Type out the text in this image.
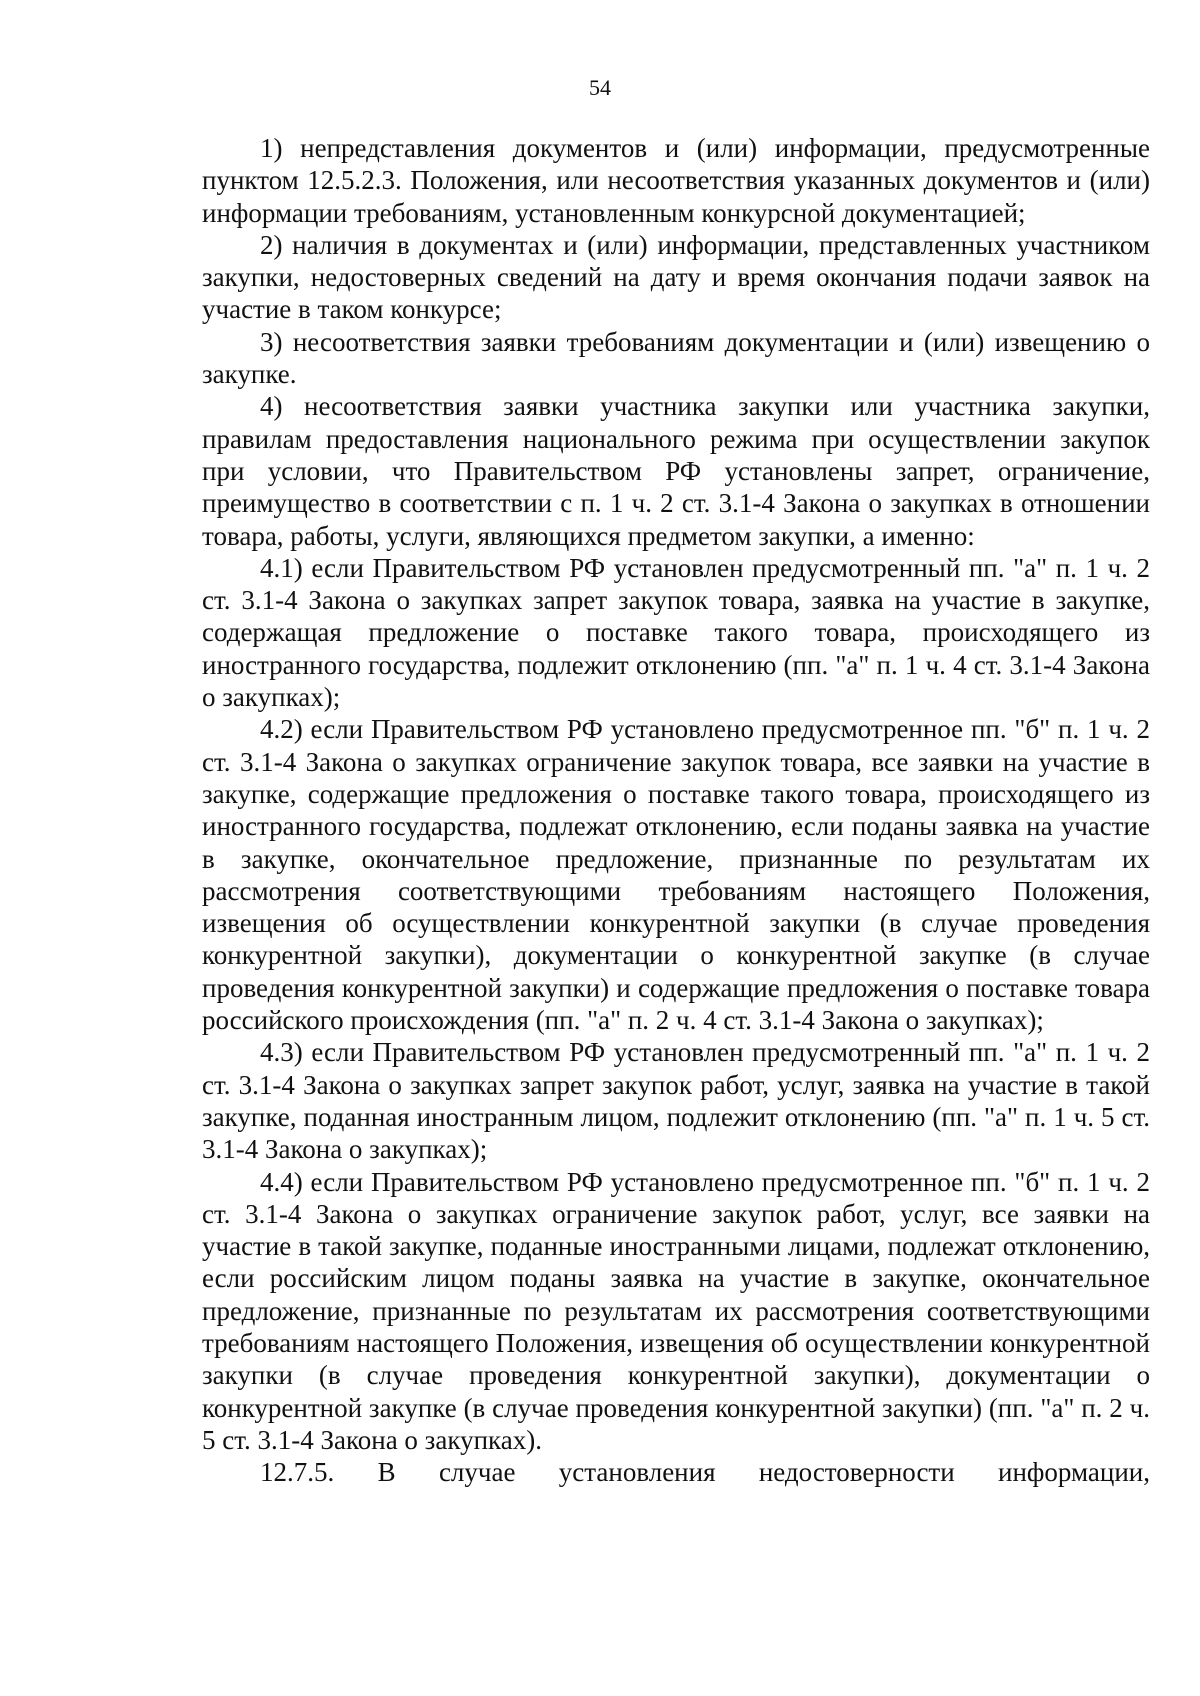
54

1) непредставления документов и (или) информации, предусмотренные пунктом 12.5.2.3. Положения, или несоответствия указанных документов и (или) информации требованиям, установленным конкурсной документацией;

2) наличия в документах и (или) информации, представленных участником закупки, недостоверных сведений на дату и время окончания подачи заявок на участие в таком конкурсе;

3) несоответствия заявки требованиям документации и (или) извещению о закупке.

4) несоответствия заявки участника закупки или участника закупки, правилам предоставления национального режима при осуществлении закупок при условии, что Правительством РФ установлены запрет, ограничение, преимущество в соответствии с п. 1 ч. 2 ст. 3.1-4 Закона о закупках в отношении товара, работы, услуги, являющихся предметом закупки, а именно:

4.1) если Правительством РФ установлен предусмотренный пп. "а" п. 1 ч. 2 ст. 3.1-4 Закона о закупках запрет закупок товара, заявка на участие в закупке, содержащая предложение о поставке такого товара, происходящего из иностранного государства, подлежит отклонению (пп. "а" п. 1 ч. 4 ст. 3.1-4 Закона о закупках);

4.2) если Правительством РФ установлено предусмотренное пп. "б" п. 1 ч. 2 ст. 3.1-4 Закона о закупках ограничение закупок товара, все заявки на участие в закупке, содержащие предложения о поставке такого товара, происходящего из иностранного государства, подлежат отклонению, если поданы заявка на участие в закупке, окончательное предложение, признанные по результатам их рассмотрения соответствующими требованиям настоящего Положения, извещения об осуществлении конкурентной закупки (в случае проведения конкурентной закупки), документации о конкурентной закупке (в случае проведения конкурентной закупки) и содержащие предложения о поставке товара российского происхождения (пп. "а" п. 2 ч. 4 ст. 3.1-4 Закона о закупках);

4.3) если Правительством РФ установлен предусмотренный пп. "а" п. 1 ч. 2 ст. 3.1-4 Закона о закупках запрет закупок работ, услуг, заявка на участие в такой закупке, поданная иностранным лицом, подлежит отклонению (пп. "а" п. 1 ч. 5 ст. 3.1-4 Закона о закупках);

4.4) если Правительством РФ установлено предусмотренное пп. "б" п. 1 ч. 2 ст. 3.1-4 Закона о закупках ограничение закупок работ, услуг, все заявки на участие в такой закупке, поданные иностранными лицами, подлежат отклонению, если российским лицом поданы заявка на участие в закупке, окончательное предложение, признанные по результатам их рассмотрения соответствующими требованиям настоящего Положения, извещения об осуществлении конкурентной закупки (в случае проведения конкурентной закупки), документации о конкурентной закупке (в случае проведения конкурентной закупки) (пп. "а" п. 2 ч. 5 ст. 3.1-4 Закона о закупках).

12.7.5. В случае установления недостоверности информации,
